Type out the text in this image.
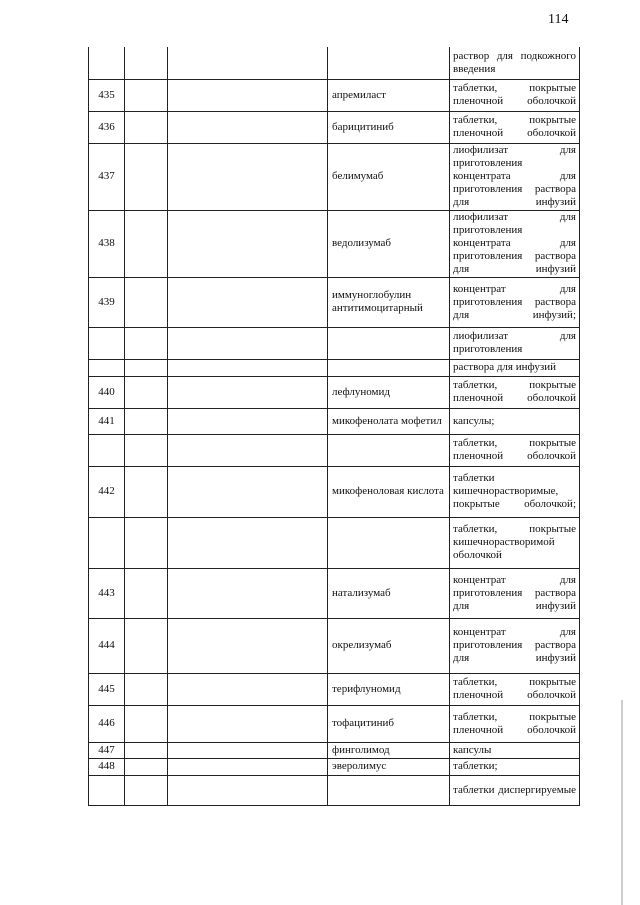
114
				раствор для подкожного введения
435			апремиласт	таблетки, покрытые пленочной оболочкой
436			барицитиниб	таблетки, покрытые пленочной оболочкой
437			белимумаб	лиофилизат для приготовления концентрата для приготовления раствора для инфузий
438			ведолизумаб	лиофилизат для приготовления концентрата для приготовления раствора для инфузий
439			иммуноглобулин антитимоцитарный	концентрат для приготовления раствора для инфузий;
				лиофилизат для приготовления
				раствора для инфузий
440			лефлуномид	таблетки, покрытые пленочной оболочкой
441			микофенолата мофетил	капсулы;
				таблетки, покрытые пленочной оболочкой
442			микофеноловая кислота	таблетки кишечнорастворимые, покрытые оболочкой;
				таблетки, покрытые кишечнорастворимой оболочкой
443			натализумаб	концентрат для приготовления раствора для инфузий
444			окрелизумаб	концентрат для приготовления раствора для инфузий
445			терифлуномид	таблетки, покрытые пленочной оболочкой
446			тофацитиниб	таблетки, покрытые пленочной оболочкой
447			финголимод	капсулы
448			эверолимус	таблетки;
				таблетки диспергируемые
